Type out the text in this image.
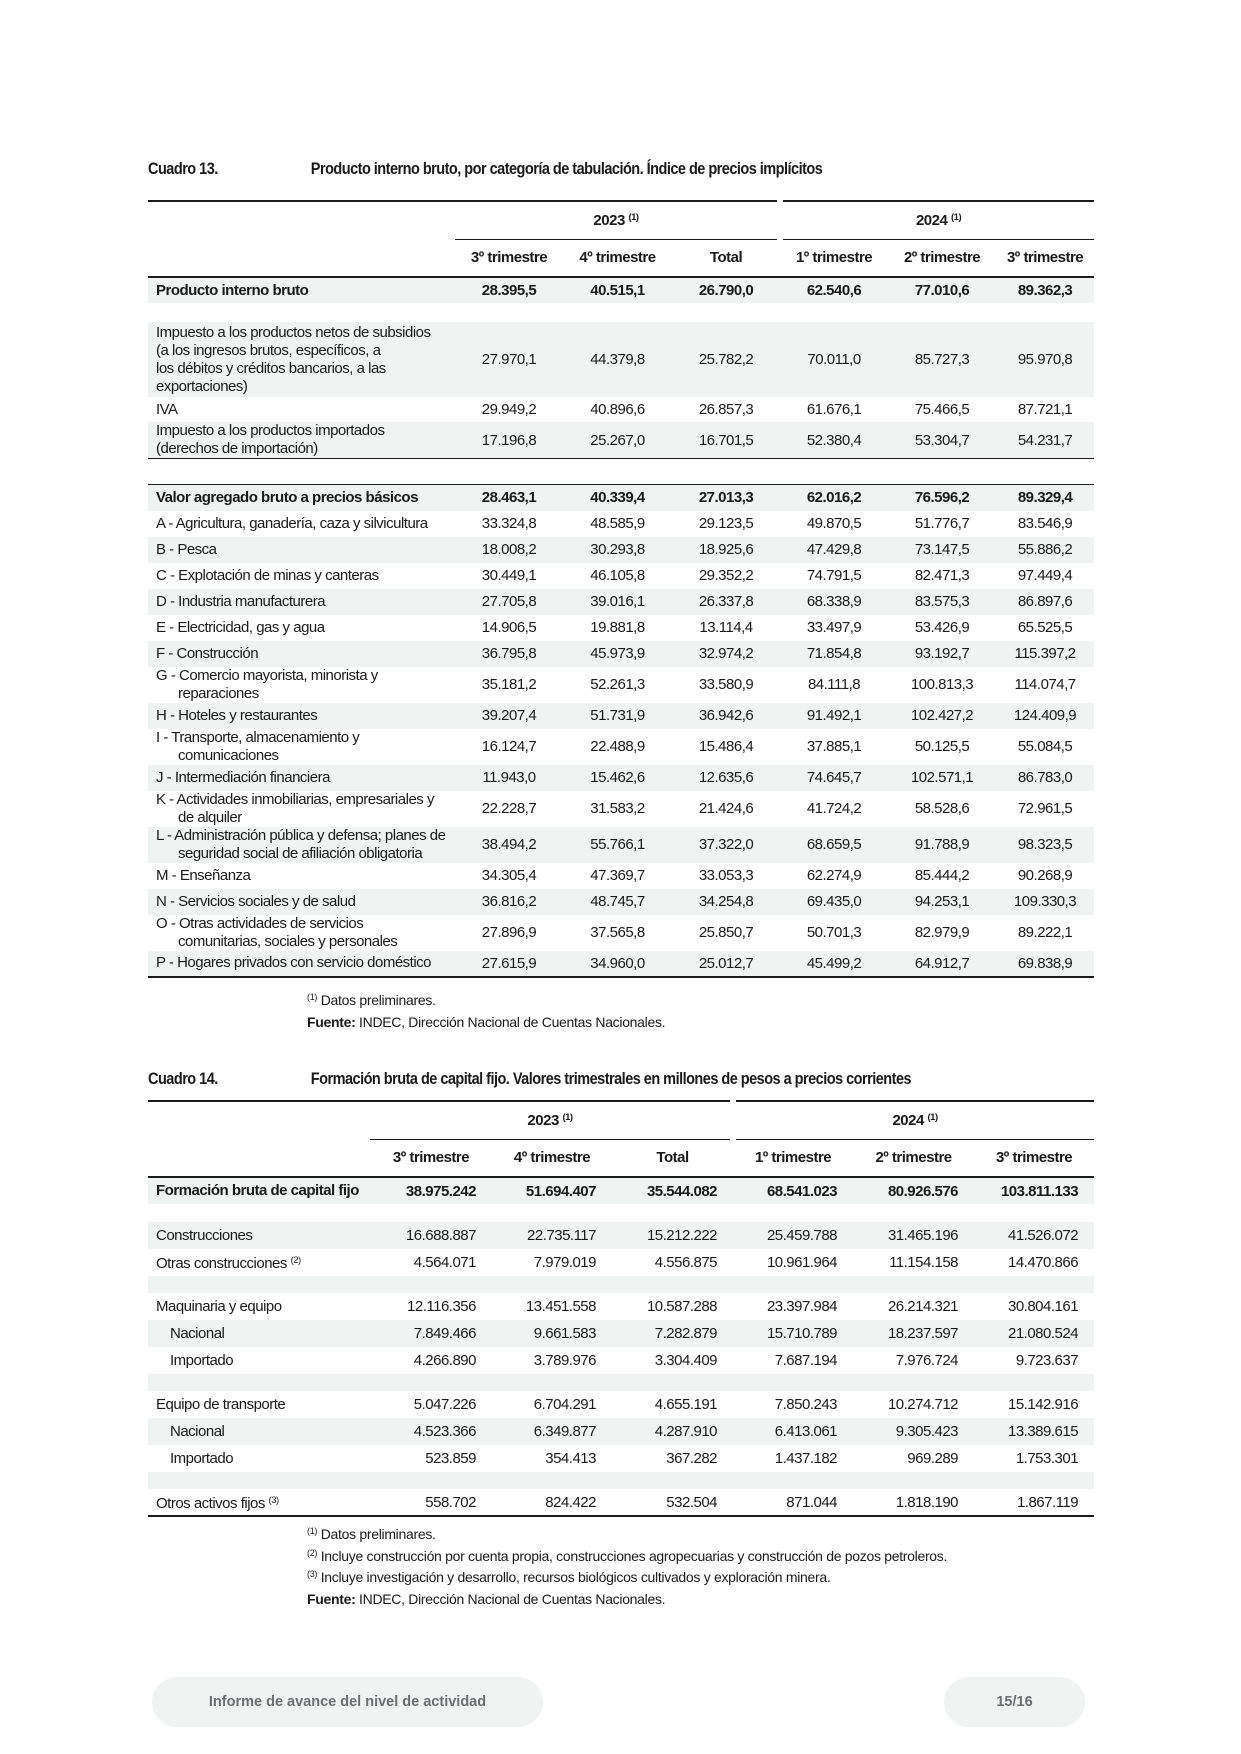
Cuadro 13.	Producto interno bruto, por categoría de tabulación. Índice de precios implícitos
	2023 $^{(1)}$			2024 $^{(1)}$
	3º trimestre	4º trimestre	Total	1º trimestre	2º trimestre	3º trimestre
Producto interno bruto	28.395,5	40.515,1	26.790,0	62.540,6	77.010,6	89.362,3

Impuesto a los productos netos de subsidios
(a los ingresos brutos, específicos, a
los débitos y créditos bancarios, a las
exportaciones)	27.970,1	44.379,8	25.782,2	70.011,0	85.727,3	95.970,8
IVA	29.949,2	40.896,6	26.857,3	61.676,1	75.466,5	87.721,1

Impuesto a los productos importados
(derechos de importación)	17.196,8	25.267,0	16.701,5	52.380,4	53.304,7	54.231,7

Valor agregado bruto a precios básicos	28.463,1	40.339,4	27.013,3	62.016,2	76.596,2	89.329,4

A - Agricultura, ganadería, caza y silvicultura	33.324,8	48.585,9	29.123,5	49.870,5	51.776,7	83.546,9

B - Pesca	18.008,2	30.293,8	18.925,6	47.429,8	73.147,5	55.886,2

C - Explotación de minas y canteras	30.449,1	46.105,8	29.352,2	74.791,5	82.471,3	97.449,4

D - Industria manufacturera	27.705,8	39.016,1	26.337,8	68.338,9	83.575,3	86.897,6

E - Electricidad, gas y agua	14.906,5	19.881,8	13.114,4	33.497,9	53.426,9	65.525,5

F - Construcción	36.795,8	45.973,9	32.974,2	71.854,8	93.192,7	115.397,2

G - Comercio mayorista, minorista y
reparaciones	35.181,2	52.261,3	33.580,9	84.111,8	100.813,3	114.074,7

H - Hoteles y restaurantes	39.207,4	51.731,9	36.942,6	91.492,1	102.427,2	124.409,9

I - Transporte, almacenamiento y
comunicaciones	16.124,7	22.488,9	15.486,4	37.885,1	50.125,5	55.084,5

J - Intermediación financiera	11.943,0	15.462,6	12.635,6	74.645,7	102.571,1	86.783,0

K - Actividades inmobiliarias, empresariales y
de alquiler	22.228,7	31.583,2	21.424,6	41.724,2	58.528,6	72.961,5

L - Administración pública y defensa; planes de
seguridad social de afiliación obligatoria	38.494,2	55.766,1	37.322,0	68.659,5	91.788,9	98.323,5

M - Enseñanza	34.305,4	47.369,7	33.053,3	62.274,9	85.444,2	90.268,9

N - Servicios sociales y de salud	36.816,2	48.745,7	34.254,8	69.435,0	94.253,1	109.330,3

O - Otras actividades de servicios
comunitarias, sociales y personales	27.896,9	37.565,8	25.850,7	50.701,3	82.979,9	89.222,1

P - Hogares privados con servicio doméstico	27.615,9	34.960,0	25.012,7	45.499,2	64.912,7	69.838,9
$^{(1)}$ Datos preliminares.
Fuente: INDEC, Dirección Nacional de Cuentas Nacionales.
Cuadro 14.	Formación bruta de capital fijo. Valores trimestrales en millones de pesos a precios corrientes
	2023 $^{(1)}$			2024 $^{(1)}$
	3º trimestre	4º trimestre	Total	1º trimestre	2º trimestre	3º trimestre
Formación bruta de capital fijo	38.975.242	51.694.407	35.544.082	68.541.023	80.926.576	103.811.133

Construcciones	16.688.887	22.735.117	15.212.222	25.459.788	31.465.196	41.526.072
Otras construcciones $^{(2)}$	4.564.071	7.979.019	4.556.875	10.961.964	11.154.158	14.470.866

Maquinaria y equipo	12.116.356	13.451.558	10.587.288	23.397.984	26.214.321	30.804.161
Nacional	7.849.466	9.661.583	7.282.879	15.710.789	18.237.597	21.080.524
Importado	4.266.890	3.789.976	3.304.409	7.687.194	7.976.724	9.723.637

Equipo de transporte	5.047.226	6.704.291	4.655.191	7.850.243	10.274.712	15.142.916
Nacional	4.523.366	6.349.877	4.287.910	6.413.061	9.305.423	13.389.615
Importado	523.859	354.413	367.282	1.437.182	969.289	1.753.301

Otros activos fijos $^{(3)}$	558.702	824.422	532.504	871.044	1.818.190	1.867.119
$^{(1)}$ Datos preliminares.
$^{(2)}$ Incluye construcción por cuenta propia, construcciones agropecuarias y construcción de pozos petroleros.
$^{(3)}$ Incluye investigación y desarrollo, recursos biológicos cultivados y exploración minera.
Fuente: INDEC, Dirección Nacional de Cuentas Nacionales.
Informe de avance del nivel de actividad	15/16
